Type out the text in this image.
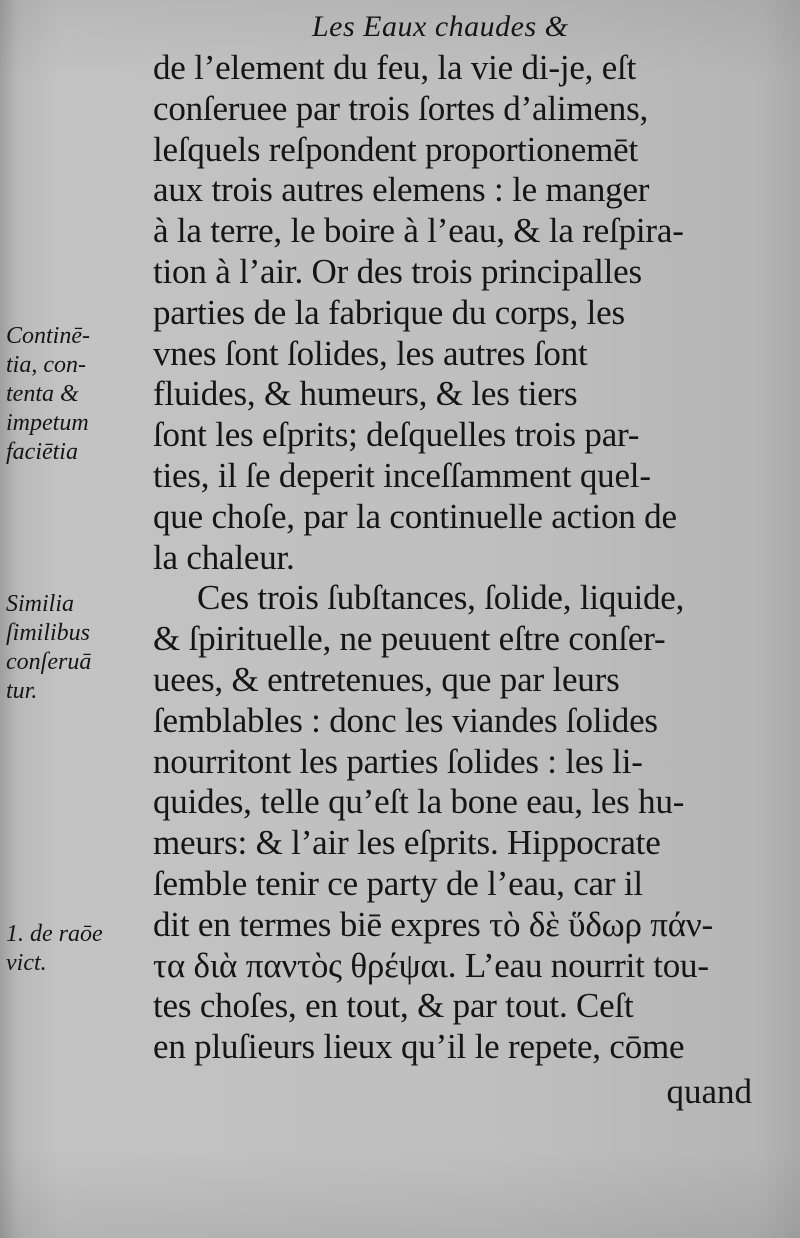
Les Eaux chaudes &
de l’element du feu, la vie di-je, eſt
conſeruee par trois ſortes d’alimens,
leſquels reſpondent proportionemēt
aux trois autres elemens : le manger
à la terre, le boire à l’eau, & la reſpira-
tion à l’air. Or des trois principalles
parties de la fabrique du corps, les
vnes ſont ſolides, les autres ſont
fluides, & humeurs, & les tiers
ſont les eſprits; deſquelles trois par-
ties, il ſe deperit inceſſamment quel-
que choſe, par la continuelle action de
la chaleur.
Ces trois ſubſtances, ſolide, liquide,
& ſpirituelle, ne peuuent eſtre conſer-
uees, & entretenues, que par leurs
ſemblables : donc les viandes ſolides
nourritont les parties ſolides : les li-
quides, telle qu’eſt la bone eau, les hu-
meurs: & l’air les eſprits. Hippocrate
ſemble tenir ce party de l’eau, car il
dit en termes biē expres τὸ δὲ ὕδωρ πάν-
τα διὰ παντὸς θρέψαι. L’eau nourrit tou-
tes choſes, en tout, & par tout. Ceſt
en pluſieurs lieux qu’il le repete, cōme
Continē-
tia, con-
tenta &
impetum
faciētia
Similia
ſimilibus
conſeruā
tur.
1. de raōe
vict.
quand
